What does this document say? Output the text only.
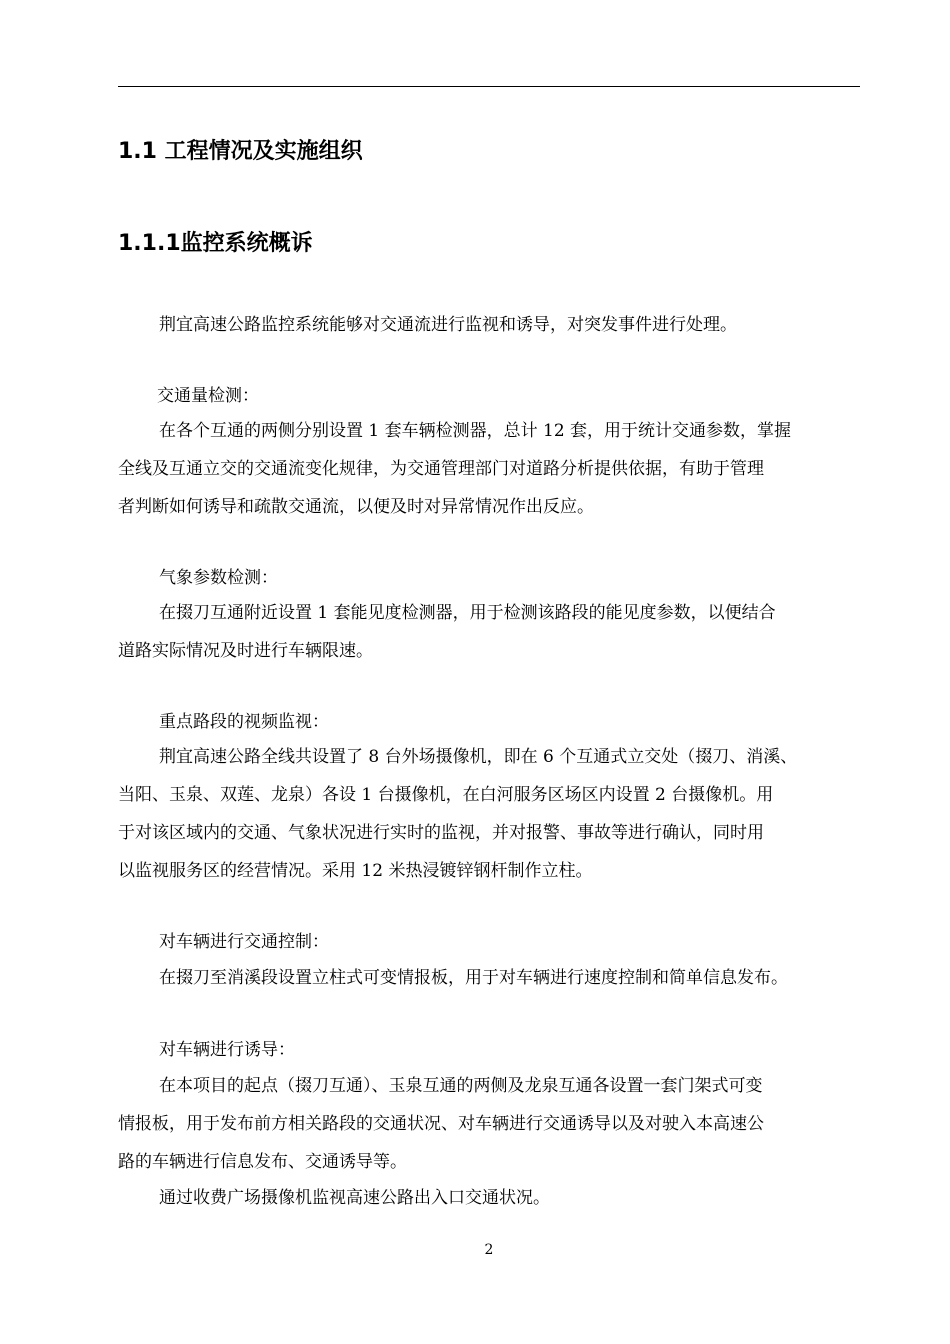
1.1 工程情况及实施组织
1.1.1监控系统概诉

荆宜高速公路监控系统能够对交通流进行监视和诱导，对突发事件进行处理。

交通量检测：

在各个互通的两侧分别设置 1 套车辆检测器，总计 12 套，用于统计交通参数，掌握

全线及互通立交的交通流变化规律，为交通管理部门对道路分析提供依据，有助于管理

者判断如何诱导和疏散交通流，以便及时对异常情况作出反应。

气象参数检测：

在掇刀互通附近设置 1 套能见度检测器，用于检测该路段的能见度参数，以便结合

道路实际情况及时进行车辆限速。

重点路段的视频监视：

荆宜高速公路全线共设置了 8 台外场摄像机，即在 6 个互通式立交处（掇刀、消溪、

当阳、玉泉、双莲、龙泉）各设 1 台摄像机，在白河服务区场区内设置 2 台摄像机。用

于对该区域内的交通、气象状况进行实时的监视，并对报警、事故等进行确认，同时用

以监视服务区的经营情况。采用 12 米热浸镀锌钢杆制作立柱。

对车辆进行交通控制：

在掇刀至消溪段设置立柱式可变情报板，用于对车辆进行速度控制和简单信息发布。

对车辆进行诱导：

在本项目的起点（掇刀互通）、玉泉互通的两侧及龙泉互通各设置一套门架式可变

情报板，用于发布前方相关路段的交通状况、对车辆进行交通诱导以及对驶入本高速公

路的车辆进行信息发布、交通诱导等。

通过收费广场摄像机监视高速公路出入口交通状况。

2
